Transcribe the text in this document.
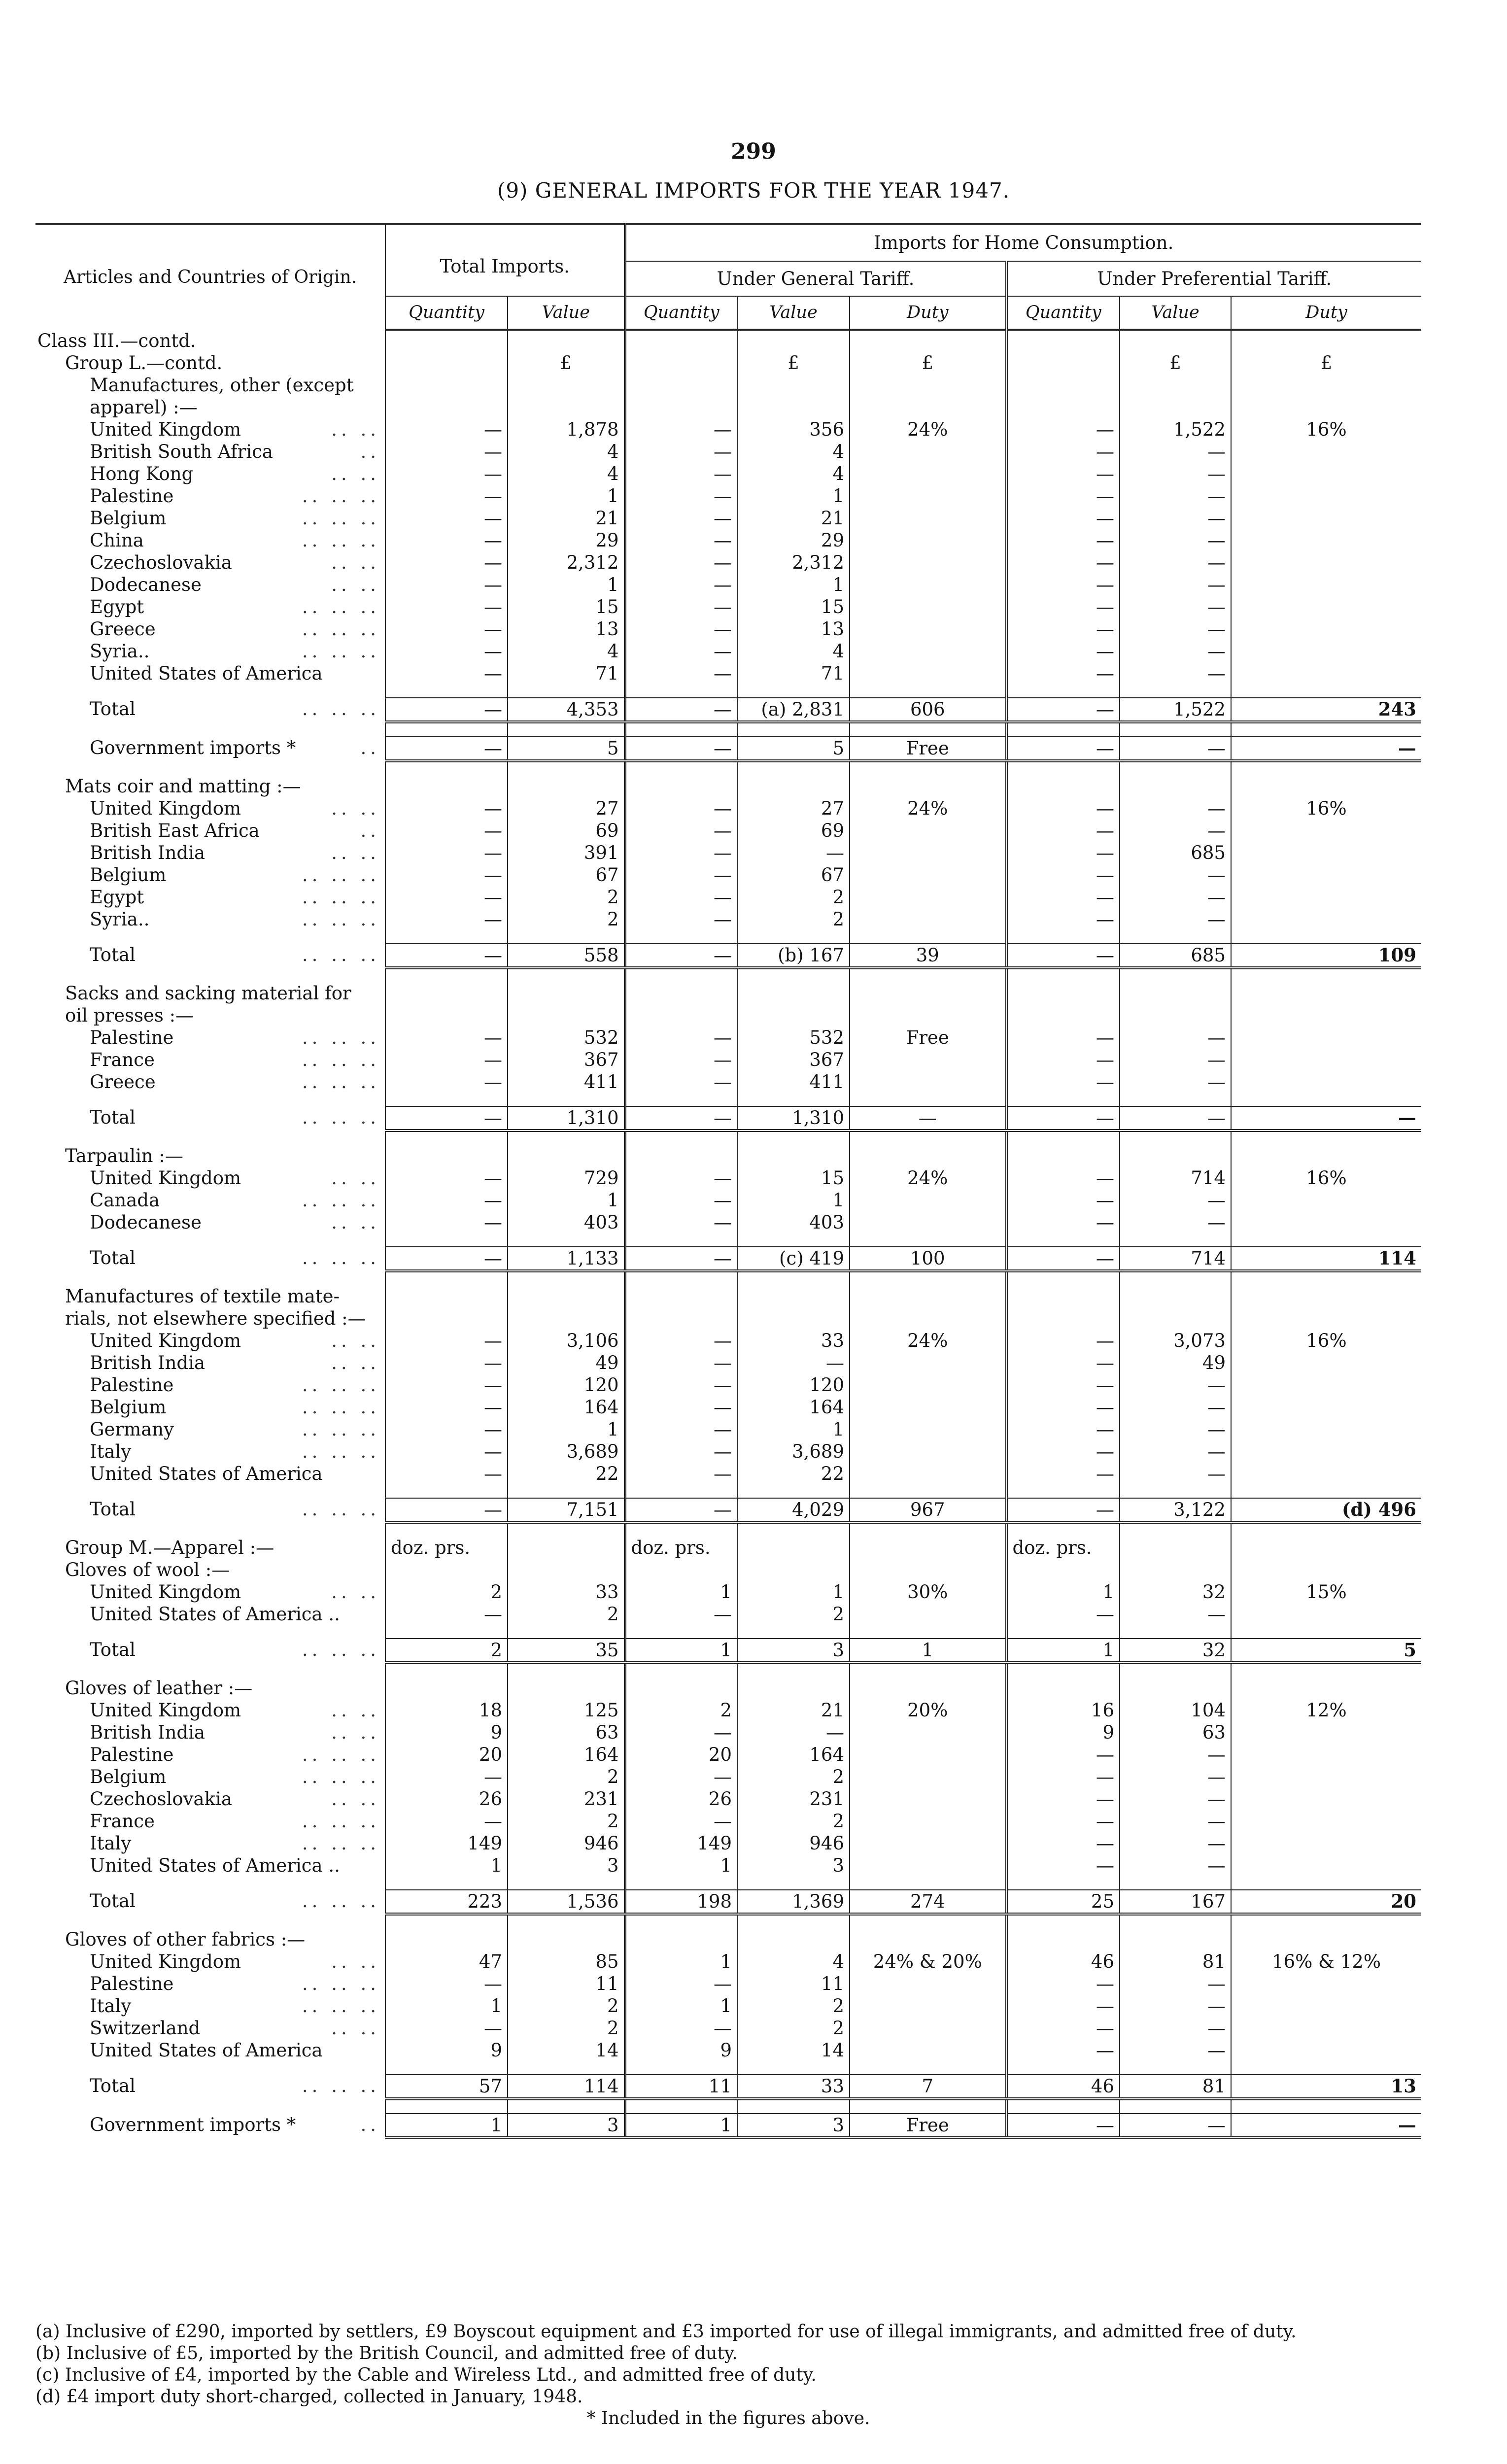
299
(9) GENERAL IMPORTS FOR THE YEAR 1947.
Articles and Countries of Origin.	Total Imports.		Imports for Home Consumption.					
			Under General Tariff.			Under Preferential Tariff.		
	Quantity	Value	Quantity	Value	Duty	Quantity	Value	Duty
Class III.—contd.								
Group L.—contd.		£		£	£		£	£
Manufactures, other (except								
apparel) :—								
United Kingdom .. ..	—	1,878	—	356	24%	—	1,522	16%
British South Africa ..	—	4	—	4		—	—	
Hong Kong .. ..	—	4	—	4		—	—	
Palestine .. .. ..	—	1	—	1		—	—	
Belgium .. .. ..	—	21	—	21		—	—	
China .. .. ..	—	29	—	29		—	—	
Czechoslovakia .. ..	—	2,312	—	2,312		—	—	
Dodecanese .. ..	—	1	—	1		—	—	
Egypt .. .. ..	—	15	—	15		—	—	
Greece .. .. ..	—	13	—	13		—	—	
Syria.. .. .. ..	—	4	—	4		—	—	
United States of America	—	71	—	71		—	—	

Total .. .. ..	—	4,353	—	(a) 2,831	606	—	1,522	243

Government imports * ..	—	5	—	5	Free	—	—	—

Mats coir and matting :—								
United Kingdom .. ..	—	27	—	27	24%	—	—	16%
British East Africa ..	—	69	—	69		—	—	
British India .. ..	—	391	—	—		—	685	
Belgium .. .. ..	—	67	—	67		—	—	
Egypt .. .. ..	—	2	—	2		—	—	
Syria.. .. .. ..	—	2	—	2		—	—	

Total .. .. ..	—	558	—	(b) 167	39	—	685	109

Sacks and sacking material for								
oil presses :—								
Palestine .. .. ..	—	532	—	532	Free	—	—	
France .. .. ..	—	367	—	367		—	—	
Greece .. .. ..	—	411	—	411		—	—	

Total .. .. ..	—	1,310	—	1,310	—	—	—	—

Tarpaulin :—								
United Kingdom .. ..	—	729	—	15	24%	—	714	16%
Canada .. .. ..	—	1	—	1		—	—	
Dodecanese .. ..	—	403	—	403		—	—	

Total .. .. ..	—	1,133	—	(c) 419	100	—	714	114

Manufactures of textile mate-								
rials, not elsewhere specified :—								
United Kingdom .. ..	—	3,106	—	33	24%	—	3,073	16%
British India .. ..	—	49	—	—		—	49	
Palestine .. .. ..	—	120	—	120		—	—	
Belgium .. .. ..	—	164	—	164		—	—	
Germany .. .. ..	—	1	—	1		—	—	
Italy .. .. ..	—	3,689	—	3,689		—	—	
United States of America	—	22	—	22		—	—	

Total .. .. ..	—	7,151	—	4,029	967	—	3,122	(d) 496

Group M.—Apparel :—	doz. prs.		doz. prs.			doz. prs.		
Gloves of wool :—								
United Kingdom .. ..	2	33	1	1	30%	1	32	15%
United States of America ..	—	2	—	2		—	—	

Total .. .. ..	2	35	1	3	1	1	32	5

Gloves of leather :—								
United Kingdom .. ..	18	125	2	21	20%	16	104	12%
British India .. ..	9	63	—	—		9	63	
Palestine .. .. ..	20	164	20	164		—	—	
Belgium .. .. ..	—	2	—	2		—	—	
Czechoslovakia .. ..	26	231	26	231		—	—	
France .. .. ..	—	2	—	2		—	—	
Italy .. .. ..	149	946	149	946		—	—	
United States of America ..	1	3	1	3		—	—	

Total .. .. ..	223	1,536	198	1,369	274	25	167	20

Gloves of other fabrics :—								
United Kingdom .. ..	47	85	1	4	24% & 20%	46	81	16% & 12%
Palestine .. .. ..	—	11	—	11		—	—	
Italy .. .. ..	1	2	1	2		—	—	
Switzerland .. ..	—	2	—	2		—	—	
United States of America	9	14	9	14		—	—	

Total .. .. ..	57	114	11	33	7	46	81	13

Government imports * ..	1	3	1	3	Free	—	—	—

(a) Inclusive of £290, imported by settlers, £9 Boyscout equipment and £3 imported for use of illegal immigrants, and admitted free of duty.

(b) Inclusive of £5, imported by the British Council, and admitted free of duty.

(c) Inclusive of £4, imported by the Cable and Wireless Ltd., and admitted free of duty.

(d) £4 import duty short-charged, collected in January, 1948.

* Included in the figures above.
